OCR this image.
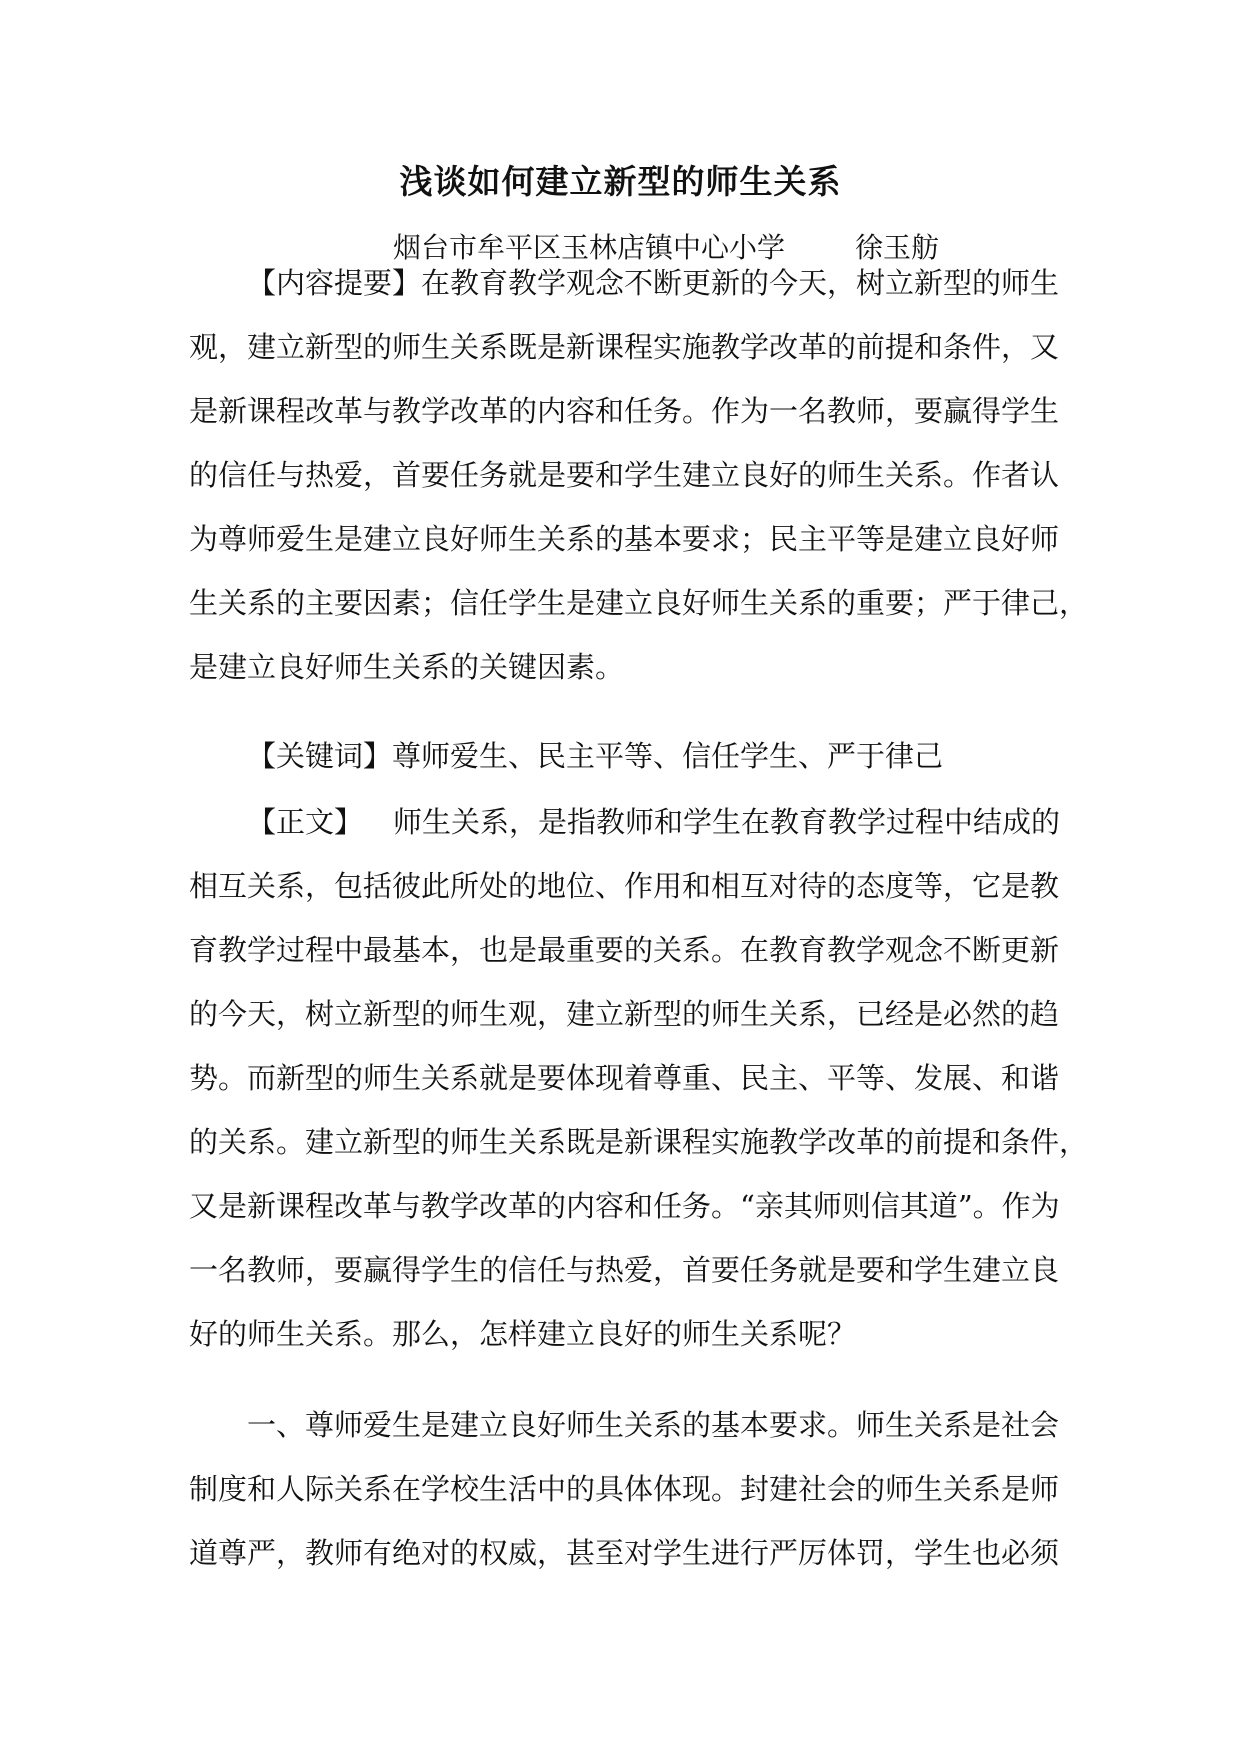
浅谈如何建立新型的师生关系
烟台市牟平区玉林店镇中心小学	徐玉舫
【内容提要】在教育教学观念不断更新的今天，树立新型的师生
观，建立新型的师生关系既是新课程实施教学改革的前提和条件，又
是新课程改革与教学改革的内容和任务。作为一名教师，要赢得学生
的信任与热爱，首要任务就是要和学生建立良好的师生关系。作者认
为尊师爱生是建立良好师生关系的基本要求；民主平等是建立良好师
生关系的主要因素；信任学生是建立良好师生关系的重要；严于律己，
是建立良好师生关系的关键因素。
【关键词】尊师爱生、民主平等、信任学生、严于律己
【正文】 师生关系，是指教师和学生在教育教学过程中结成的
相互关系，包括彼此所处的地位、作用和相互对待的态度等，它是教
育教学过程中最基本，也是最重要的关系。在教育教学观念不断更新
的今天，树立新型的师生观，建立新型的师生关系，已经是必然的趋
势。而新型的师生关系就是要体现着尊重、民主、平等、发展、和谐
的关系。建立新型的师生关系既是新课程实施教学改革的前提和条件，
又是新课程改革与教学改革的内容和任务。“亲其师则信其道”。作为
一名教师，要赢得学生的信任与热爱，首要任务就是要和学生建立良
好的师生关系。那么，怎样建立良好的师生关系呢？
一、尊师爱生是建立良好师生关系的基本要求。师生关系是社会
制度和人际关系在学校生活中的具体体现。封建社会的师生关系是师
道尊严，教师有绝对的权威，甚至对学生进行严厉体罚，学生也必须
